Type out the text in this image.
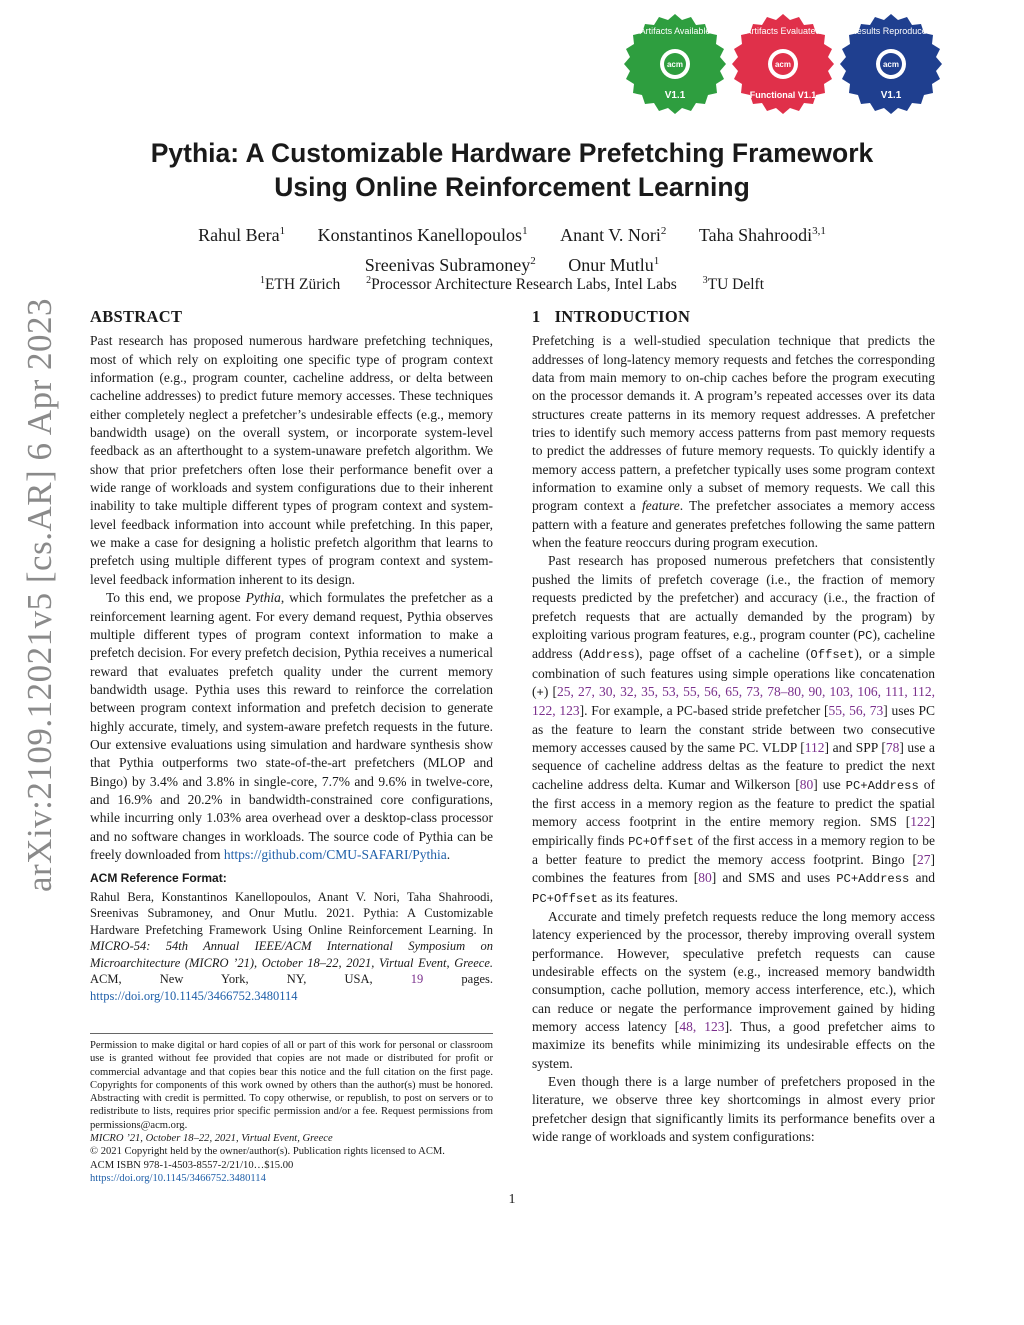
arXiv:2109.12021v5 [cs.AR] 6 Apr 2023
acm
Artifacts Available
V1.1
acm
Artifacts Evaluated
Functional V1.1
acm
Results Reproduced
V1.1
Pythia: A Customizable Hardware Prefetching Framework
Using Online Reinforcement Learning
Rahul Bera$^1$ Konstantinos Kanellopoulos$^1$ Anant V. Nori$^2$ Taha Shahroodi$^{3,1}$
Sreenivas Subramoney$^2$ Onur Mutlu$^1$
$^1$ETH Zürich	$^2$Processor Architecture Research Labs, Intel Labs	$^3$TU Delft
ABSTRACT

Past research has proposed numerous hardware prefetching techniques, most of which rely on exploiting one specific type of program context information (e.g., program counter, cacheline address, or delta between cacheline addresses) to predict future memory accesses. These techniques either completely neglect a prefetcher’s undesirable effects (e.g., memory bandwidth usage) on the overall system, or incorporate system-level feedback as an afterthought to a system-unaware prefetch algorithm. We show that prior prefetchers often lose their performance benefit over a wide range of workloads and system configurations due to their inherent inability to take multiple different types of program context and system-level feedback information into account while prefetching. In this paper, we make a case for designing a holistic prefetch algorithm that learns to prefetch using multiple different types of program context and system-level feedback information inherent to its design.

To this end, we propose Pythia, which formulates the prefetcher as a reinforcement learning agent. For every demand request, Pythia observes multiple different types of program context information to make a prefetch decision. For every prefetch decision, Pythia receives a numerical reward that evaluates prefetch quality under the current memory bandwidth usage. Pythia uses this reward to reinforce the correlation between program context information and prefetch decision to generate highly accurate, timely, and system-aware prefetch requests in the future. Our extensive evaluations using simulation and hardware synthesis show that Pythia outperforms two state-of-the-art prefetchers (MLOP and Bingo) by 3.4% and 3.8% in single-core, 7.7% and 9.6% in twelve-core, and 16.9% and 20.2% in bandwidth-constrained core configurations, while incurring only 1.03% area overhead over a desktop-class processor and no software changes in workloads. The source code of Pythia can be freely downloaded from https://github.com/CMU-SAFARI/Pythia.

ACM Reference Format:

Rahul Bera, Konstantinos Kanellopoulos, Anant V. Nori, Taha Shahroodi, Sreenivas Subramoney, and Onur Mutlu. 2021. Pythia: A Customizable Hardware Prefetching Framework Using Online Reinforcement Learning. In MICRO-54: 54th Annual IEEE/ACM International Symposium on Microarchitecture (MICRO ’21), October 18–22, 2021, Virtual Event, Greece. ACM, New York, NY, USA, 19 pages. https://doi.org/10.1145/3466752.3480114

Permission to make digital or hard copies of all or part of this work for personal or classroom use is granted without fee provided that copies are not made or distributed for profit or commercial advantage and that copies bear this notice and the full citation on the first page. Copyrights for components of this work owned by others than the author(s) must be honored. Abstracting with credit is permitted. To copy otherwise, or republish, to post on servers or to redistribute to lists, requires prior specific permission and/or a fee. Request permissions from permissions@acm.org.

MICRO ’21, October 18–22, 2021, Virtual Event, Greece

© 2021 Copyright held by the owner/author(s). Publication rights licensed to ACM.

ACM ISBN 978-1-4503-8557-2/21/10…$15.00

https://doi.org/10.1145/3466752.3480114

1 INTRODUCTION

Prefetching is a well-studied speculation technique that predicts the addresses of long-latency memory requests and fetches the corresponding data from main memory to on-chip caches before the program executing on the processor demands it. A program’s repeated accesses over its data structures create patterns in its memory request addresses. A prefetcher tries to identify such memory access patterns from past memory requests to predict the addresses of future memory requests. To quickly identify a memory access pattern, a prefetcher typically uses some program context information to examine only a subset of memory requests. We call this program context a feature. The prefetcher associates a memory access pattern with a feature and generates prefetches following the same pattern when the feature reoccurs during program execution.

Past research has proposed numerous prefetchers that consistently pushed the limits of prefetch coverage (i.e., the fraction of memory requests predicted by the prefetcher) and accuracy (i.e., the fraction of prefetch requests that are actually demanded by the program) by exploiting various program features, e.g., program counter (PC), cacheline address (Address), page offset of a cacheline (Offset), or a simple combination of such features using simple operations like concatenation (+) [25, 27, 30, 32, 35, 53, 55, 56, 65, 73, 78–80, 90, 103, 106, 111, 112, 122, 123]. For example, a PC-based stride prefetcher [55, 56, 73] uses PC as the feature to learn the constant stride between two consecutive memory accesses caused by the same PC. VLDP [112] and SPP [78] use a sequence of cacheline address deltas as the feature to predict the next cacheline address delta. Kumar and Wilkerson [80] use PC+Address of the first access in a memory region as the feature to predict the spatial memory access footprint in the entire memory region. SMS [122] empirically finds PC+Offset of the first access in a memory region to be a better feature to predict the memory access footprint. Bingo [27] combines the features from [80] and SMS and uses PC+Address and PC+Offset as its features.

Accurate and timely prefetch requests reduce the long memory access latency experienced by the processor, thereby improving overall system performance. However, speculative prefetch requests can cause undesirable effects on the system (e.g., increased memory bandwidth consumption, cache pollution, memory access interference, etc.), which can reduce or negate the performance improvement gained by hiding memory access latency [48, 123]. Thus, a good prefetcher aims to maximize its benefits while minimizing its undesirable effects on the system.

Even though there is a large number of prefetchers proposed in the literature, we observe three key shortcomings in almost every prior prefetcher design that significantly limits its performance benefits over a wide range of workloads and system configurations:

1
